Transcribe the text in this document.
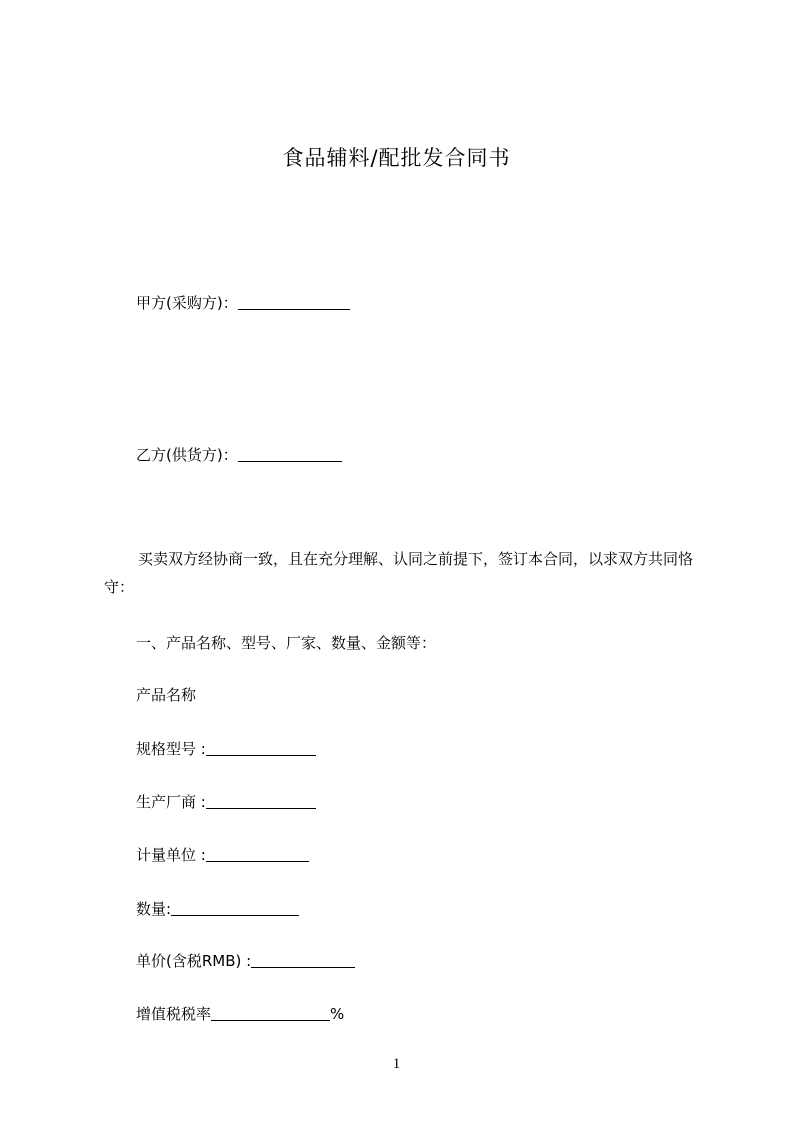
食品辅料/配批发合同书
甲方(采购方)：
乙方(供货方)：
买卖双方经协商一致，且在充分理解、认同之前提下，签订本合同，以求双方共同恪守：
一、产品名称、型号、厂家、数量、金额等：
产品名称
规格型号 :
生产厂商 :
计量单位 :
数量:
单价(含税RMB) :
增值税税率	%
1
